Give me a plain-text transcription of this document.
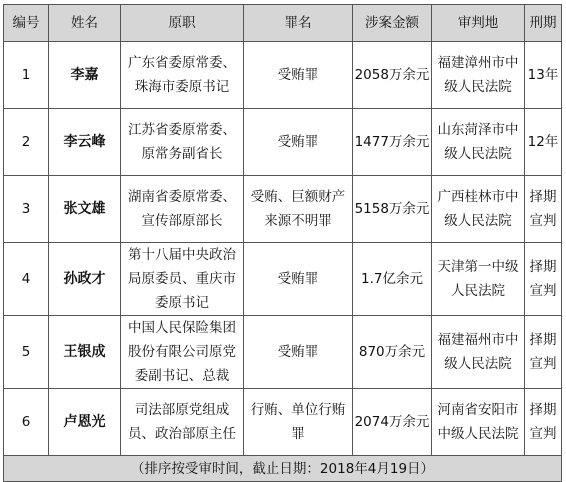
编号	姓名	原职	罪名	涉案金额	审判地	刑期
1	李嘉	广东省委原常委、珠海市委原书记	受贿罪	2058万余元	福建漳州市中级人民法院	13年
2	李云峰	江苏省委原常委、原常务副省长	受贿罪	1477万余元	山东菏泽市中级人民法院	12年
3	张文雄	湖南省委原常委、宣传部原部长	受贿、巨额财产来源不明罪	5158万余元	广西桂林市中级人民法院	择期宣判
4	孙政才	第十八届中央政治局原委员、重庆市委原书记	受贿罪	1.7亿余元	天津第一中级人民法院	择期宣判
5	王银成	中国人民保险集团股份有限公司原党委副书记、总裁	受贿罪	870万余元	福建福州市中级人民法院	择期宣判
6	卢恩光	司法部原党组成员、政治部原主任	行贿、单位行贿罪	2074万余元	河南省安阳市中级人民法院	择期宣判
（排序按受审时间，截止日期：2018年4月19日）						
